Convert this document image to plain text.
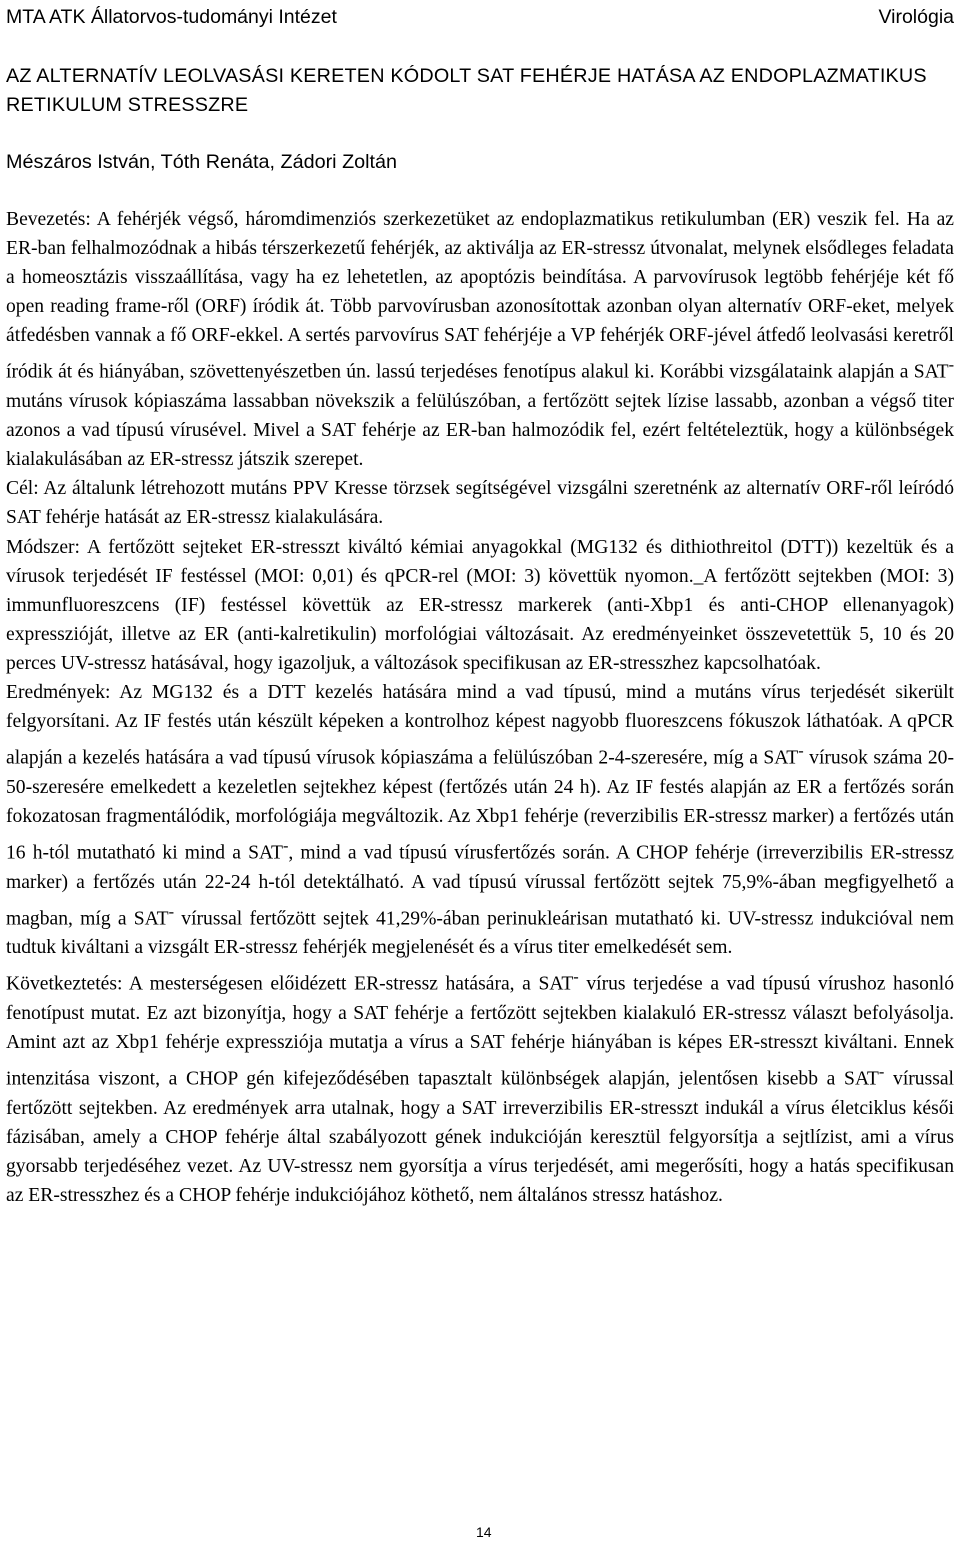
MTA ATK Állatorvos-tudományi Intézet	Virológia
AZ ALTERNATÍV LEOLVASÁSI KERETEN KÓDOLT SAT FEHÉRJE HATÁSA AZ ENDOPLAZMATIKUS RETIKULUM STRESSZRE
Mészáros István, Tóth Renáta, Zádori Zoltán

Bevezetés: A fehérjék végső, háromdimenziós szerkezetüket az endoplazmatikus retikulumban (ER) veszik fel. Ha az ER-ban felhalmozódnak a hibás térszerkezetű fehérjék, az aktiválja az ER-stressz útvonalat, melynek elsődleges feladata a homeosztázis visszaállítása, vagy ha ez lehetetlen, az apoptózis beindítása. A parvovírusok legtöbb fehérjéje két fő open reading frame-ről (ORF) íródik át. Több parvovírusban azonosítottak azonban olyan alternatív ORF-eket, melyek átfedésben vannak a fő ORF-ekkel. A sertés parvovírus SAT fehérjéje a VP fehérjék ORF-jével átfedő leolvasási keretről íródik át és hiányában, szövettenyészetben ún. lassú terjedéses fenotípus alakul ki. Korábbi vizsgálataink alapján a SAT- mutáns vírusok kópiaszáma lassabban növekszik a felülúszóban, a fertőzött sejtek lízise lassabb, azonban a végső titer azonos a vad típusú vírusével. Mivel a SAT fehérje az ER-ban halmozódik fel, ezért feltételeztük, hogy a különbségek kialakulásában az ER-stressz játszik szerepet.

Cél: Az általunk létrehozott mutáns PPV Kresse törzsek segítségével vizsgálni szeretnénk az alternatív ORF-ről leíródó SAT fehérje hatását az ER-stressz kialakulására.

Módszer: A fertőzött sejteket ER-stresszt kiváltó kémiai anyagokkal (MG132 és dithiothreitol (DTT)) kezeltük és a vírusok terjedését IF festéssel (MOI: 0,01) és qPCR-rel (MOI: 3) követtük nyomon._A fertőzött sejtekben (MOI: 3) immunfluoreszcens (IF) festéssel követtük az ER-stressz markerek (anti-Xbp1 és anti-CHOP ellenanyagok) expresszióját, illetve az ER (anti-kalretikulin) morfológiai változásait. Az eredményeinket összevetettük 5, 10 és 20 perces UV-stressz hatásával, hogy igazoljuk, a változások specifikusan az ER-stresszhez kapcsolhatóak.

Eredmények: Az MG132 és a DTT kezelés hatására mind a vad típusú, mind a mutáns vírus terjedését sikerült felgyorsítani. Az IF festés után készült képeken a kontrolhoz képest nagyobb fluoreszcens fókuszok láthatóak. A qPCR alapján a kezelés hatására a vad típusú vírusok kópiaszáma a felülúszóban 2-4-szeresére, míg a SAT- vírusok száma 20-50-szeresére emelkedett a kezeletlen sejtekhez képest (fertőzés után 24 h). Az IF festés alapján az ER a fertőzés során fokozatosan fragmentálódik, morfológiája megváltozik. Az Xbp1 fehérje (reverzibilis ER-stressz marker) a fertőzés után 16 h-tól mutatható ki mind a SAT-, mind a vad típusú vírusfertőzés során. A CHOP fehérje (irreverzibilis ER-stressz marker) a fertőzés után 22-24 h-tól detektálható. A vad típusú vírussal fertőzött sejtek 75,9%-ában megfigyelhető a magban, míg a SAT- vírussal fertőzött sejtek 41,29%-ában perinukleárisan mutatható ki. UV-stressz indukcióval nem tudtuk kiváltani a vizsgált ER-stressz fehérjék megjelenését és a vírus titer emelkedését sem.

Következtetés: A mesterségesen előidézett ER-stressz hatására, a SAT- vírus terjedése a vad típusú vírushoz hasonló fenotípust mutat. Ez azt bizonyítja, hogy a SAT fehérje a fertőzött sejtekben kialakuló ER-stressz választ befolyásolja. Amint azt az Xbp1 fehérje expressziója mutatja a vírus a SAT fehérje hiányában is képes ER-stresszt kiváltani. Ennek intenzitása viszont, a CHOP gén kifejeződésében tapasztalt különbségek alapján, jelentősen kisebb a SAT- vírussal fertőzött sejtekben. Az eredmények arra utalnak, hogy a SAT irreverzibilis ER-stresszt indukál a vírus életciklus késői fázisában, amely a CHOP fehérje által szabályozott gének indukcióján keresztül felgyorsítja a sejtlízist, ami a vírus gyorsabb terjedéséhez vezet. Az UV-stressz nem gyorsítja a vírus terjedését, ami megerősíti, hogy a hatás specifikusan az ER-stresszhez és a CHOP fehérje indukciójához köthető, nem általános stressz hatáshoz.

14
